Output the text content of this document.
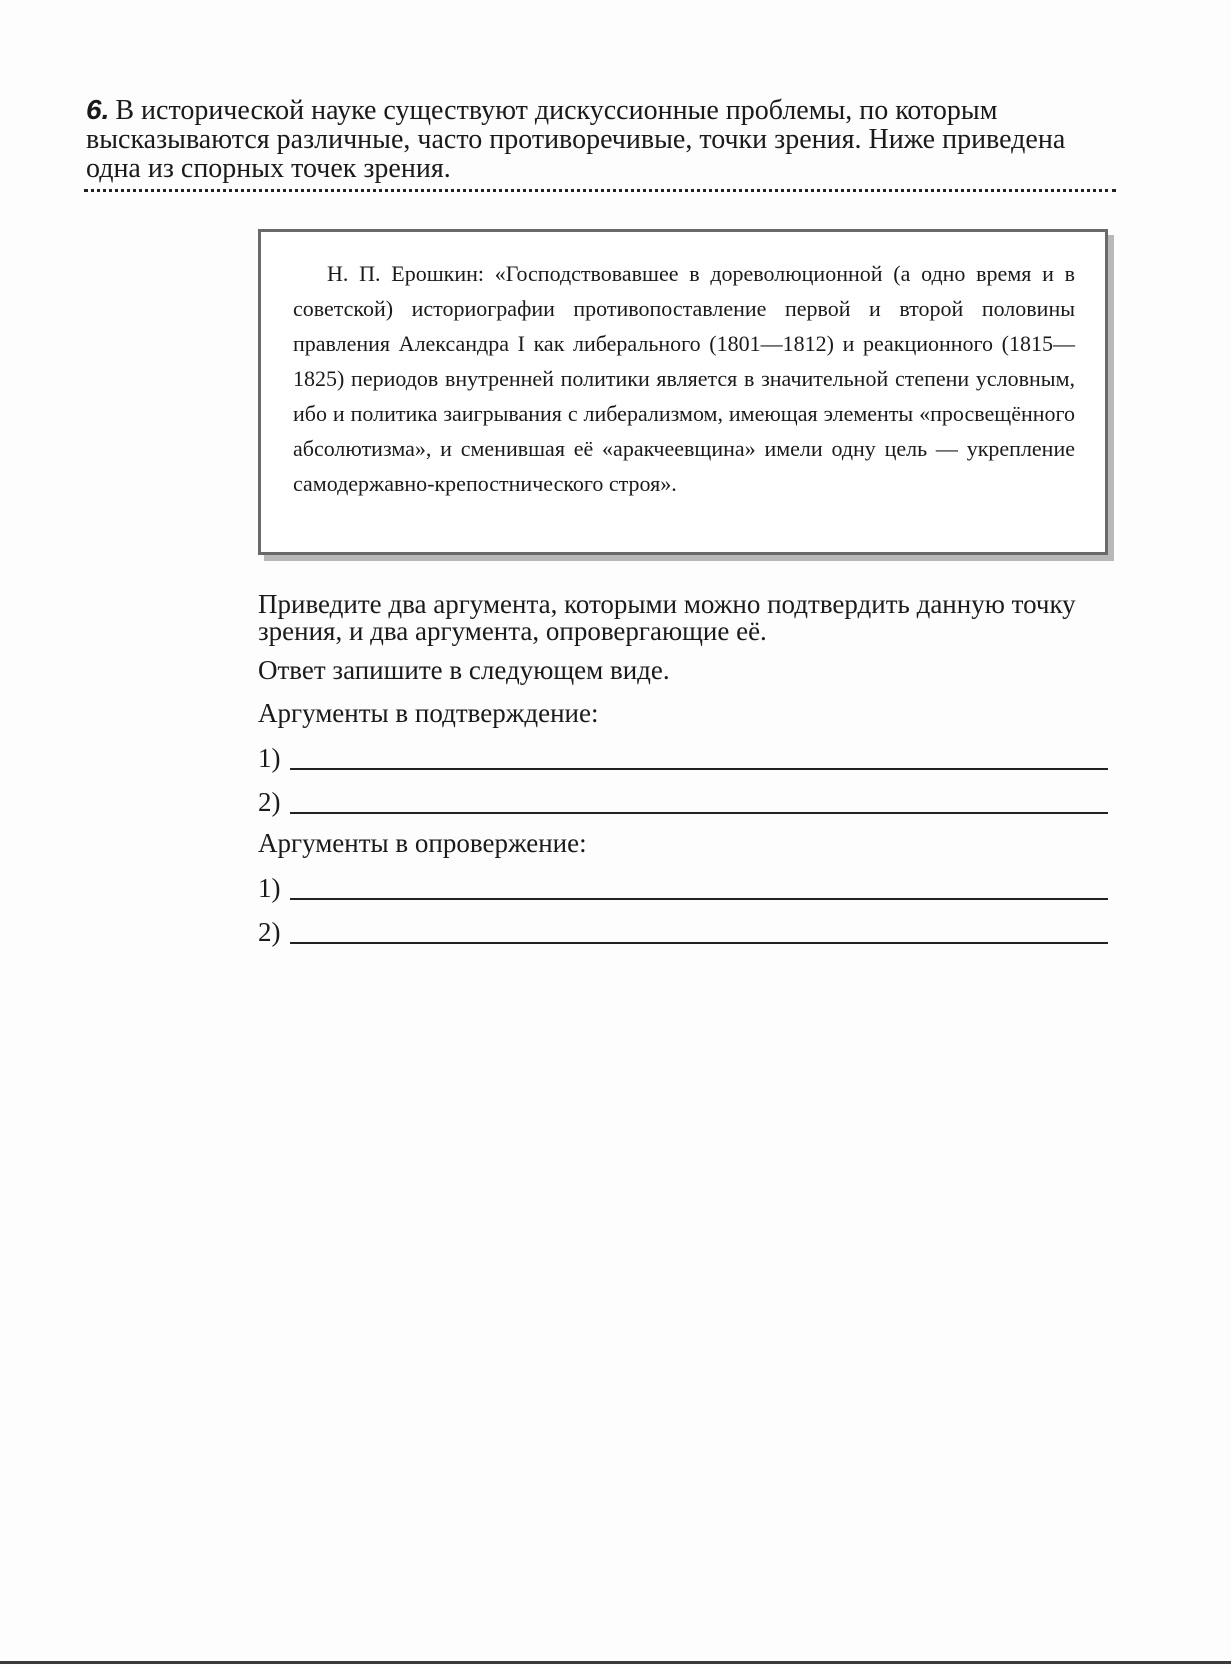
6. В исторической науке существуют дискуссионные проблемы, по которым высказываются различные, часто противоречивые, точки зрения. Ниже приведена одна из спорных точек зрения.

Н. П. Ерошкин: «Господствовавшее в дореволюционной (а одно время и в советской) историографии противопоставление первой и второй половины правления Александра I как либерального (1801—1812) и реакционного (1815—1825) периодов внутренней политики является в значительной степени условным, ибо и политика заигрывания с либерализмом, имеющая элементы «просвещённого абсолютизма», и сменившая её «аракчеевщина» имели одну цель — укрепление самодержавно-крепостнического строя».

Приведите два аргумента, которыми можно подтвердить данную точку зрения, и два аргумента, опровергающие её.

Ответ запишите в следующем виде.

Аргументы в подтверждение:

1)
2)

Аргументы в опровержение:

1)
2)
